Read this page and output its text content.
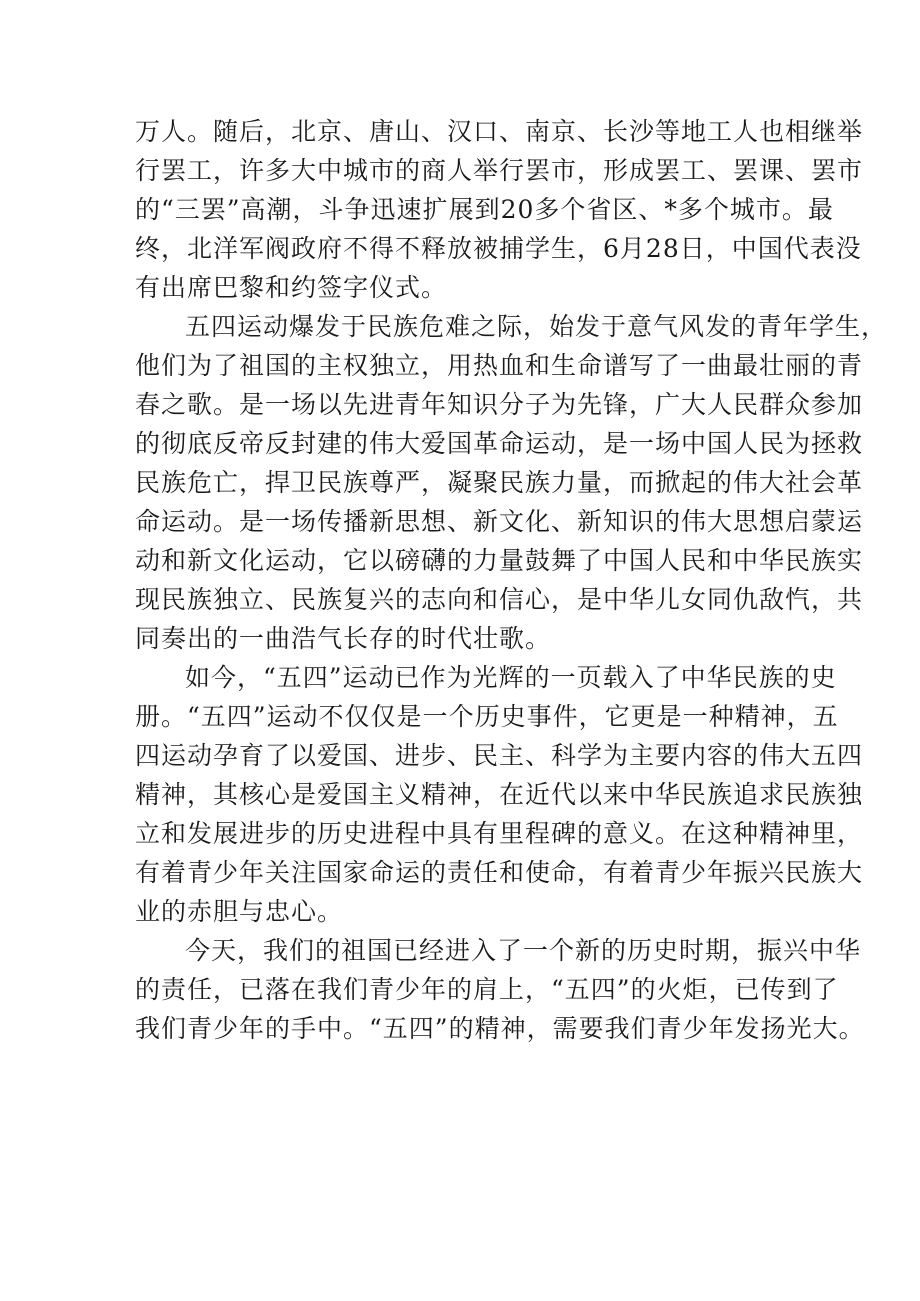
万人。随后，北京、唐山、汉口、南京、长沙等地工人也相继举
行罢工，许多大中城市的商人举行罢市，形成罢工、罢课、罢市
的“三罢”高潮，斗争迅速扩展到20多个省区、*多个城市。最
终，北洋军阀政府不得不释放被捕学生，6月28日，中国代表没
有出席巴黎和约签字仪式。
五四运动爆发于民族危难之际，始发于意气风发的青年学生，
他们为了祖国的主权独立，用热血和生命谱写了一曲最壮丽的青
春之歌。是一场以先进青年知识分子为先锋，广大人民群众参加
的彻底反帝反封建的伟大爱国革命运动，是一场中国人民为拯救
民族危亡，捍卫民族尊严，凝聚民族力量，而掀起的伟大社会革
命运动。是一场传播新思想、新文化、新知识的伟大思想启蒙运
动和新文化运动，它以磅礴的力量鼓舞了中国人民和中华民族实
现民族独立、民族复兴的志向和信心，是中华儿女同仇敌忾，共
同奏出的一曲浩气长存的时代壮歌。
如今，“五四”运动已作为光辉的一页载入了中华民族的史
册。“五四”运动不仅仅是一个历史事件，它更是一种精神，五
四运动孕育了以爱国、进步、民主、科学为主要内容的伟大五四
精神，其核心是爱国主义精神，在近代以来中华民族追求民族独
立和发展进步的历史进程中具有里程碑的意义。在这种精神里，
有着青少年关注国家命运的责任和使命，有着青少年振兴民族大
业的赤胆与忠心。
今天，我们的祖国已经进入了一个新的历史时期，振兴中华
的责任，已落在我们青少年的肩上，“五四”的火炬，已传到了
我们青少年的手中。“五四”的精神，需要我们青少年发扬光大。
